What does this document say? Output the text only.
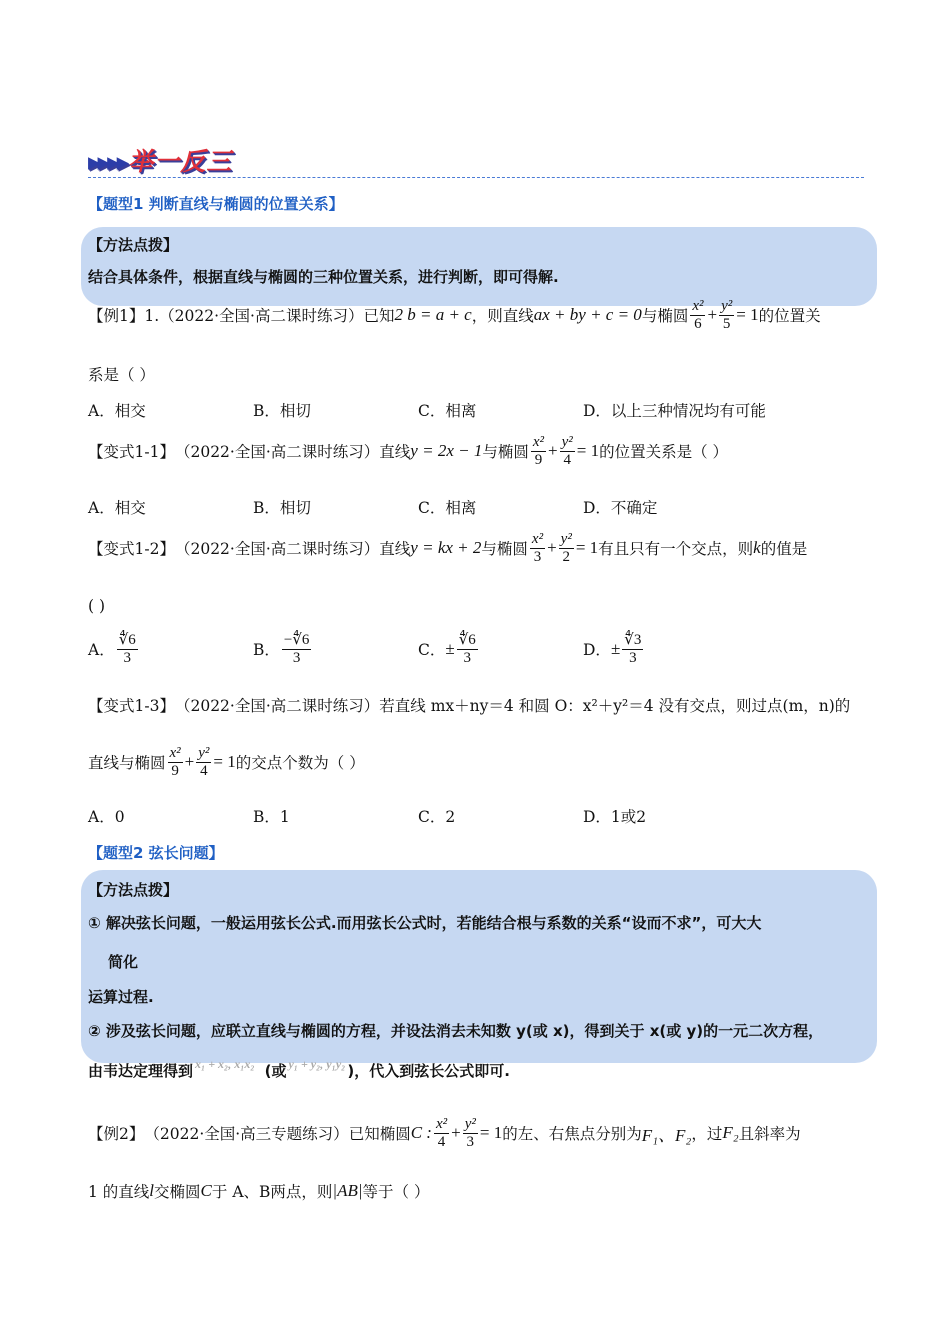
▸▸▸▸举一反三
【题型1 判断直线与椭圆的位置关系】
【方法点拨】
结合具体条件，根据直线与椭圆的三种位置关系，进行判断，即可得解.
【例1】1. （2022·全国·高二课时练习） 已知 2 b = a + c ，则直线 ax + by + c = 0 与椭圆 $\frac{\text{x²}}{6} + \frac{\text{y²}}{5} = 1$ 的位置关
系是（ ）
A．相交	B．相切	C．相离	D．以上三种情况均有可能
【变式1-1】 （2022·全国·高二课时练习） 直线 y = 2x − 1 与椭圆 $\frac{\text{x²}}{9} + \frac{\text{y²}}{4} = 1$ 的位置关系是（ ）
A．相交	B．相切	C．相离	D．不确定
【变式1-2】 （2022·全国·高二课时练习） 直线 y = kx + 2 与椭圆 $\frac{\text{x²}}{3} + \frac{\text{y²}}{2} = 1$ 有且只有一个交点，则 k 的值是
( )
A． $\frac{∜6}{3}$	B． $\frac{-∜6}{3}$	C． ± $\frac{∜6}{3}$	D． ± $\frac{∜3}{3}$
【变式1-3】 （2022·全国·高二课时练习） 若直线 mx＋ny＝4 和圆 O：x²＋y²＝4 没有交点，则过点(m，n)的
直线与椭圆 $\frac{\text{x²}}{9} + \frac{\text{y²}}{4} = 1$ 的交点个数为（ ）
A．0	B．1	C．2	D．1或2
【题型2 弦长问题】
【方法点拨】
① 解决弦长问题，一般运用弦长公式.而用弦长公式时，若能结合根与系数的关系“设而不求”，可大大
简化
运算过程.
② 涉及弦长问题，应联立直线与椭圆的方程，并设法消去未知数 y(或 x)，得到关于 x(或 y)的一元二次方程，
由韦达定理得到 x₁ + x₂, x₁x₂ (或 y₁ + y₂, y₁y₂ )，代入到弦长公式即可.
【例2】 （2022·全国·高三专题练习） 已知椭圆 C : $\frac{\text{x²}}{4} + \frac{\text{y²}}{3} = 1$ 的左、右焦点分别为 F₁、F₂ ，过 F₂ 且斜率为
1 的直线 l 交椭圆 C 于 A、B两点，则 |AB| 等于（ ）
